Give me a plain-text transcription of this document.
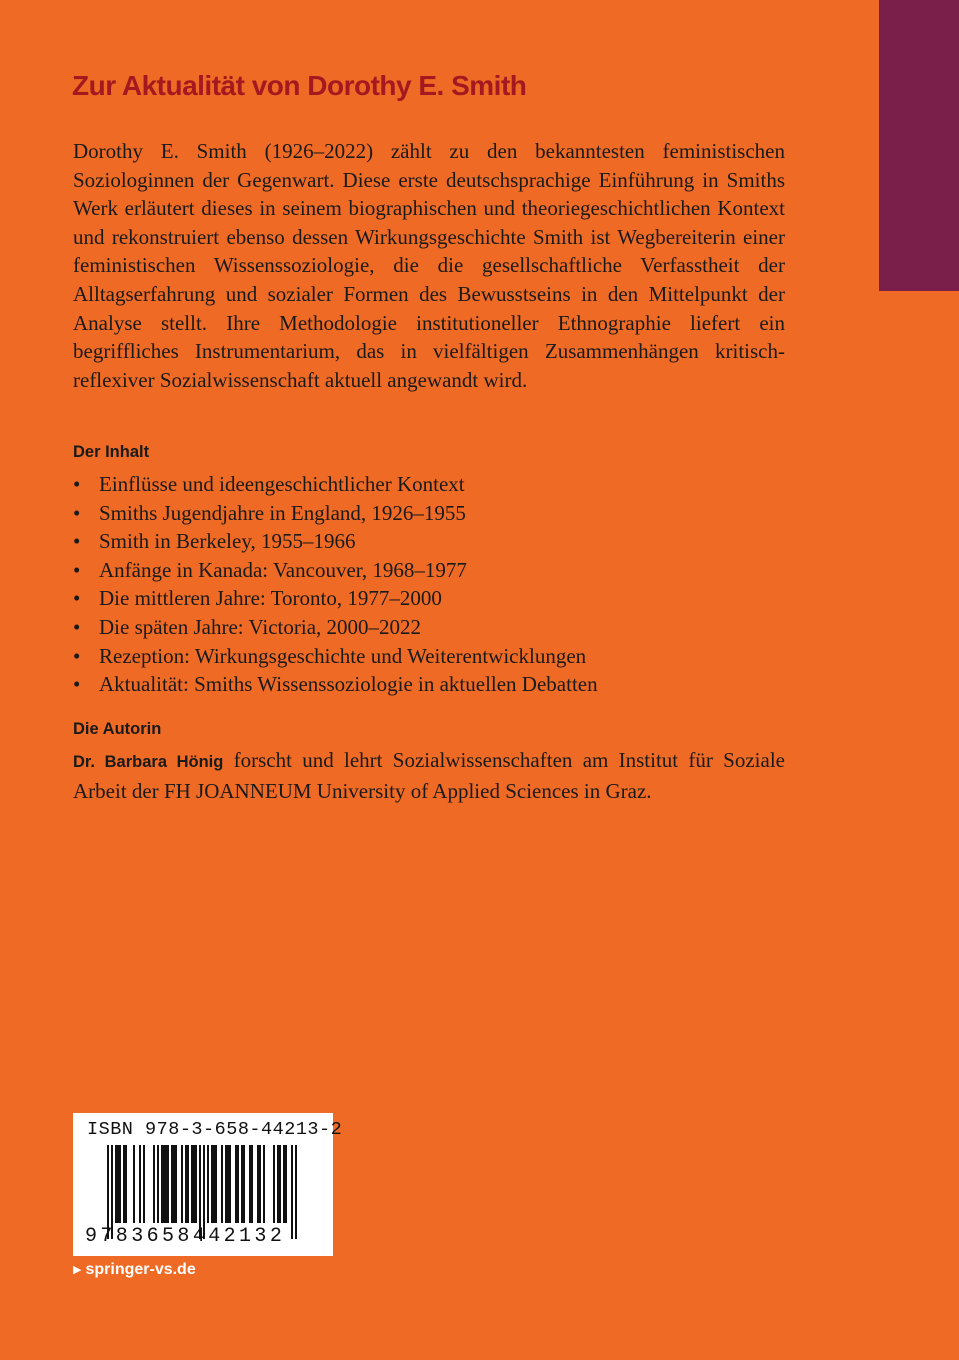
Zur Aktualität von Dorothy E. Smith

Dorothy E. Smith (1926–2022) zählt zu den bekanntesten feministischen Soziologinnen der Gegenwart. Diese erste deutschsprachige Einführung in Smiths Werk erläutert dieses in seinem biographischen und theoriegeschichtlichen Kontext und rekonstruiert ebenso dessen Wirkungsgeschichte Smith ist Wegbereiterin einer feministischen Wissenssoziologie, die die gesellschaftliche Verfasstheit der Alltagserfahrung und sozialer Formen des Bewusstseins in den Mittelpunkt der Analyse stellt. Ihre Methodologie institutioneller Ethnographie liefert ein begriffliches Instrumentarium, das in vielfältigen Zusammenhängen kritisch-reflexiver Sozialwissenschaft aktuell angewandt wird.

Der Inhalt
• Einflüsse und ideengeschichtlicher Kontext
• Smiths Jugendjahre in England, 1926–1955
• Smith in Berkeley, 1955–1966
• Anfänge in Kanada: Vancouver, 1968–1977
• Die mittleren Jahre: Toronto, 1977–2000
• Die späten Jahre: Victoria, 2000–2022
• Rezeption: Wirkungsgeschichte und Weiterentwicklungen
• Aktualität: Smiths Wissenssoziologie in aktuellen Debatten
Die Autorin

Dr. Barbara Hönig forscht und lehrt Sozialwissenschaften am Institut für Soziale Arbeit der FH JOANNEUM University of Applied Sciences in Graz.

ISBN 978-3-658-44213-2

9783658442132

▶ springer-vs.de
